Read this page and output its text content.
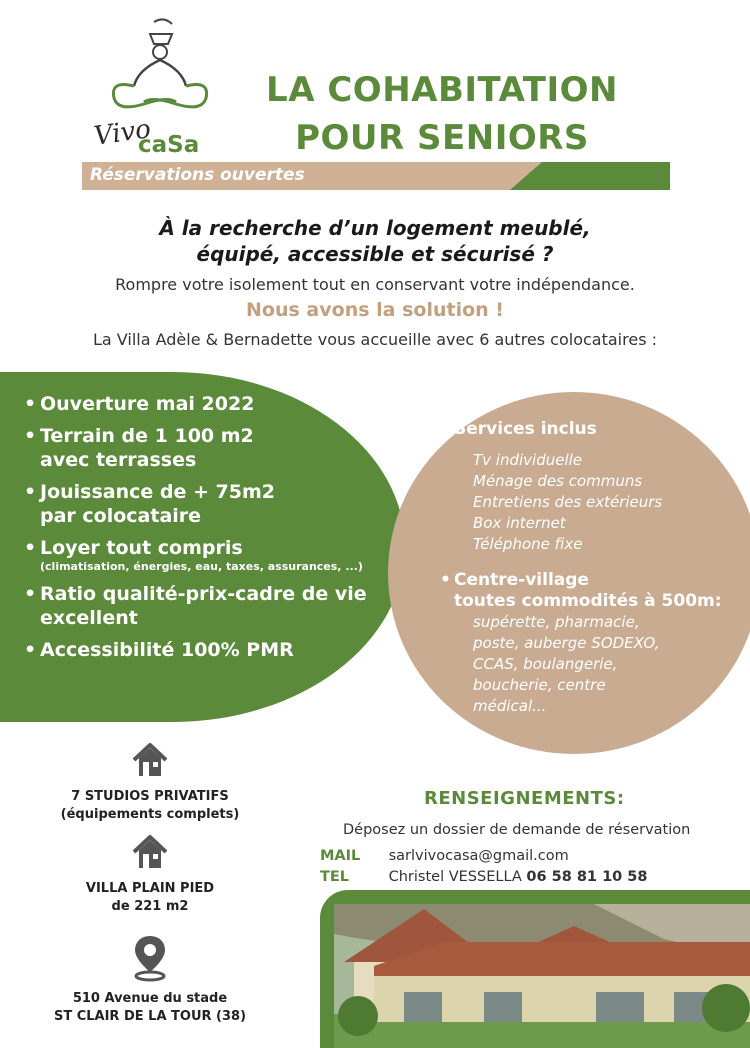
Vivo
caSa
LA COHABITATION
POUR SENIORS
Réservations ouvertes
À la recherche d’un logement meublé,
équipé, accessible et sécurisé ?
Rompre votre isolement tout en conservant votre indépendance.
Nous avons la solution !
La Villa Adèle & Bernadette vous accueille avec 6 autres colocataires :
• Ouverture mai 2022
• Terrain de 1 100 m2
avec terrasses
• Jouissance de + 75m2
par colocataire
• Loyer tout compris
(climatisation, énergies, eau, taxes, assurances, ...)
• Ratio qualité-prix-cadre de vie
excellent
• Accessibilité 100% PMR
• Services inclus
Tv individuelle
Ménage des communs
Entretiens des extérieurs
Box internet
Téléphone fixe
• Centre-village
toutes commodités à 500m:
supérette, pharmacie,
poste, auberge SODEXO,
CCAS, boulangerie,
boucherie, centre
médical...
7 STUDIOS PRIVATIFS
(équipements complets)
VILLA PLAIN PIED
de 221 m2
510 Avenue du stade
ST CLAIR DE LA TOUR (38)
RENSEIGNEMENTS:
Déposez un dossier de demande de réservation
MAIL sarlvivocasa@gmail.com
TEL	Christel VESSELLA 06 58 81 10 58
